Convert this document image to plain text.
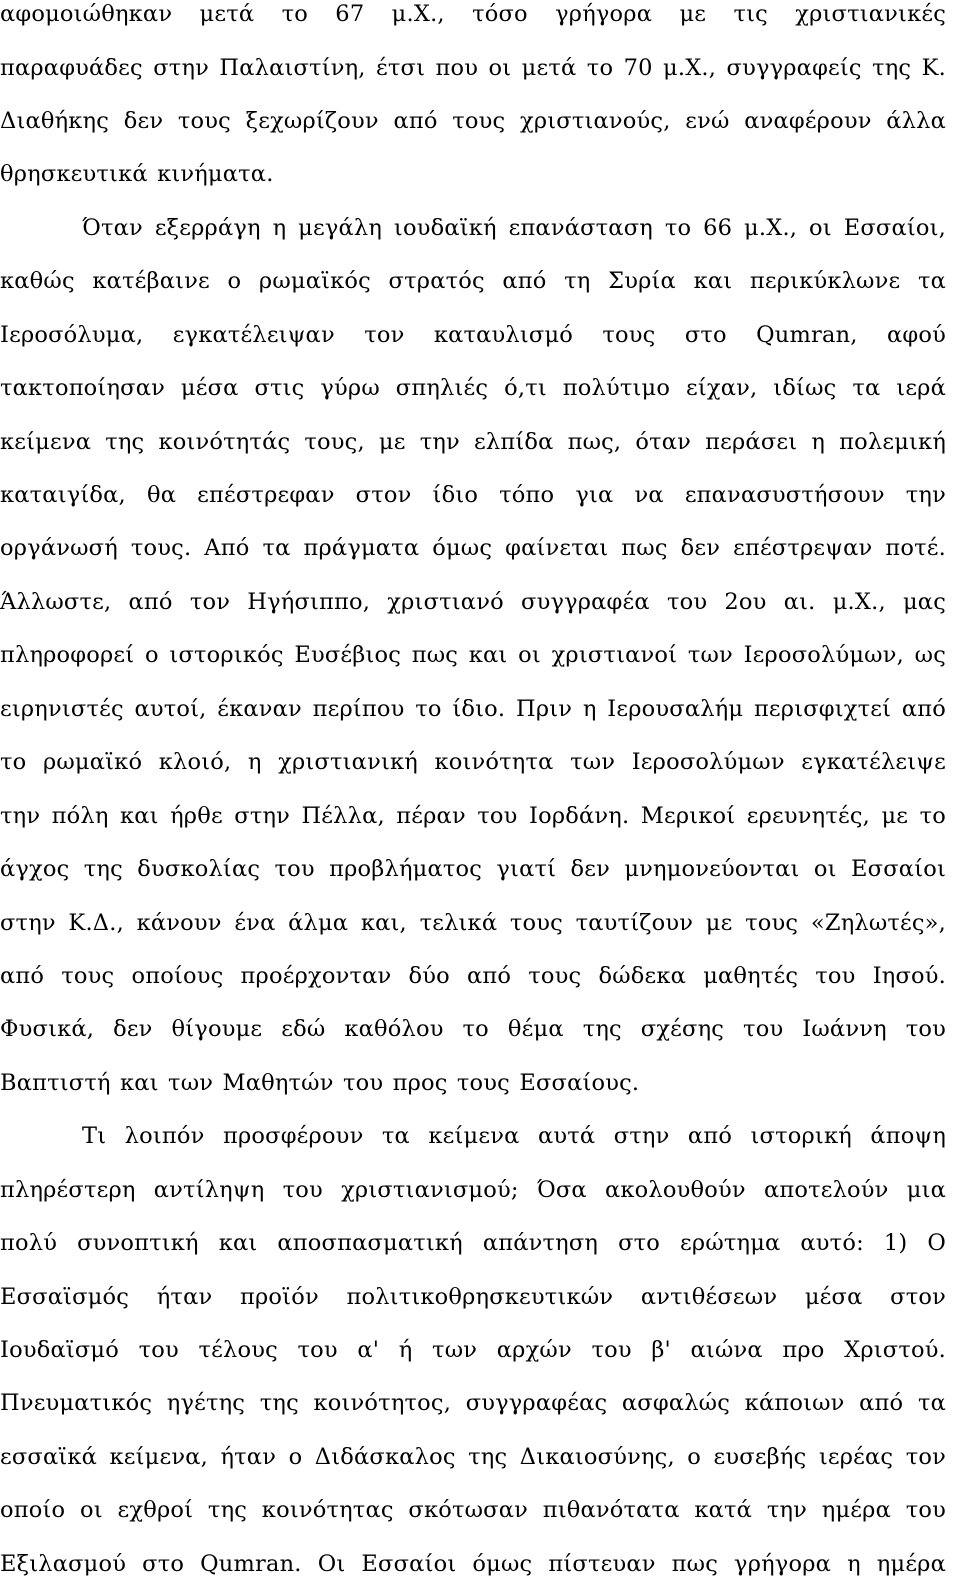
αφομοιώθηκαν μετά το 67 μ.Χ., τόσο γρήγορα με τις χριστιανικές
παραφυάδες στην Παλαιστίνη, έτσι που οι μετά το 70 μ.Χ., συγγραφείς της Κ.
Διαθήκης δεν τους ξεχωρίζουν από τους χριστιανούς, ενώ αναφέρουν άλλα
θρησκευτικά κινήματα.
Όταν εξερράγη η μεγάλη ιουδαϊκή επανάσταση το 66 μ.Χ., οι Εσσαίοι,
καθώς κατέβαινε ο ρωμαϊκός στρατός από τη Συρία και περικύκλωνε τα
Ιεροσόλυμα, εγκατέλειψαν τον καταυλισμό τους στο Qumran, αφού
τακτοποίησαν μέσα στις γύρω σπηλιές ό,τι πολύτιμο είχαν, ιδίως τα ιερά
κείμενα της κοινότητάς τους, με την ελπίδα πως, όταν περάσει η πολεμική
καταιγίδα, θα επέστρεφαν στον ίδιο τόπο για να επανασυστήσουν την
οργάνωσή τους. Από τα πράγματα όμως φαίνεται πως δεν επέστρεψαν ποτέ.
Άλλωστε, από τον Ηγήσιππο, χριστιανό συγγραφέα του 2ου αι. μ.Χ., μας
πληροφορεί ο ιστορικός Ευσέβιος πως και οι χριστιανοί των Ιεροσολύμων, ως
ειρηνιστές αυτοί, έκαναν περίπου το ίδιο. Πριν η Ιερουσαλήμ περισφιχτεί από
το ρωμαϊκό κλοιό, η χριστιανική κοινότητα των Ιεροσολύμων εγκατέλειψε
την πόλη και ήρθε στην Πέλλα, πέραν του Ιορδάνη. Μερικοί ερευνητές, με το
άγχος της δυσκολίας του προβλήματος γιατί δεν μνημονεύονται οι Εσσαίοι
στην Κ.Δ., κάνουν ένα άλμα και, τελικά τους ταυτίζουν με τους «Ζηλωτές»,
από τους οποίους προέρχονταν δύο από τους δώδεκα μαθητές του Ιησού.
Φυσικά, δεν θίγουμε εδώ καθόλου το θέμα της σχέσης του Ιωάννη του
Βαπτιστή και των Μαθητών του προς τους Εσσαίους.
Τι λοιπόν προσφέρουν τα κείμενα αυτά στην από ιστορική άποψη
πληρέστερη αντίληψη του χριστιανισμού; Όσα ακολουθούν αποτελούν μια
πολύ συνοπτική και αποσπασματική απάντηση στο ερώτημα αυτό: 1) Ο
Εσσαϊσμός ήταν προϊόν πολιτικοθρησκευτικών αντιθέσεων μέσα στον
Ιουδαϊσμό του τέλους του α' ή των αρχών του β' αιώνα προ Χριστού.
Πνευματικός ηγέτης της κοινότητος, συγγραφέας ασφαλώς κάποιων από τα
εσσαϊκά κείμενα, ήταν ο Διδάσκαλος της Δικαιοσύνης, ο ευσεβής ιερέας τον
οποίο οι εχθροί της κοινότητας σκότωσαν πιθανότατα κατά την ημέρα του
Εξιλασμού στο Qumran. Οι Εσσαίοι όμως πίστευαν πως γρήγορα η ημέρα
